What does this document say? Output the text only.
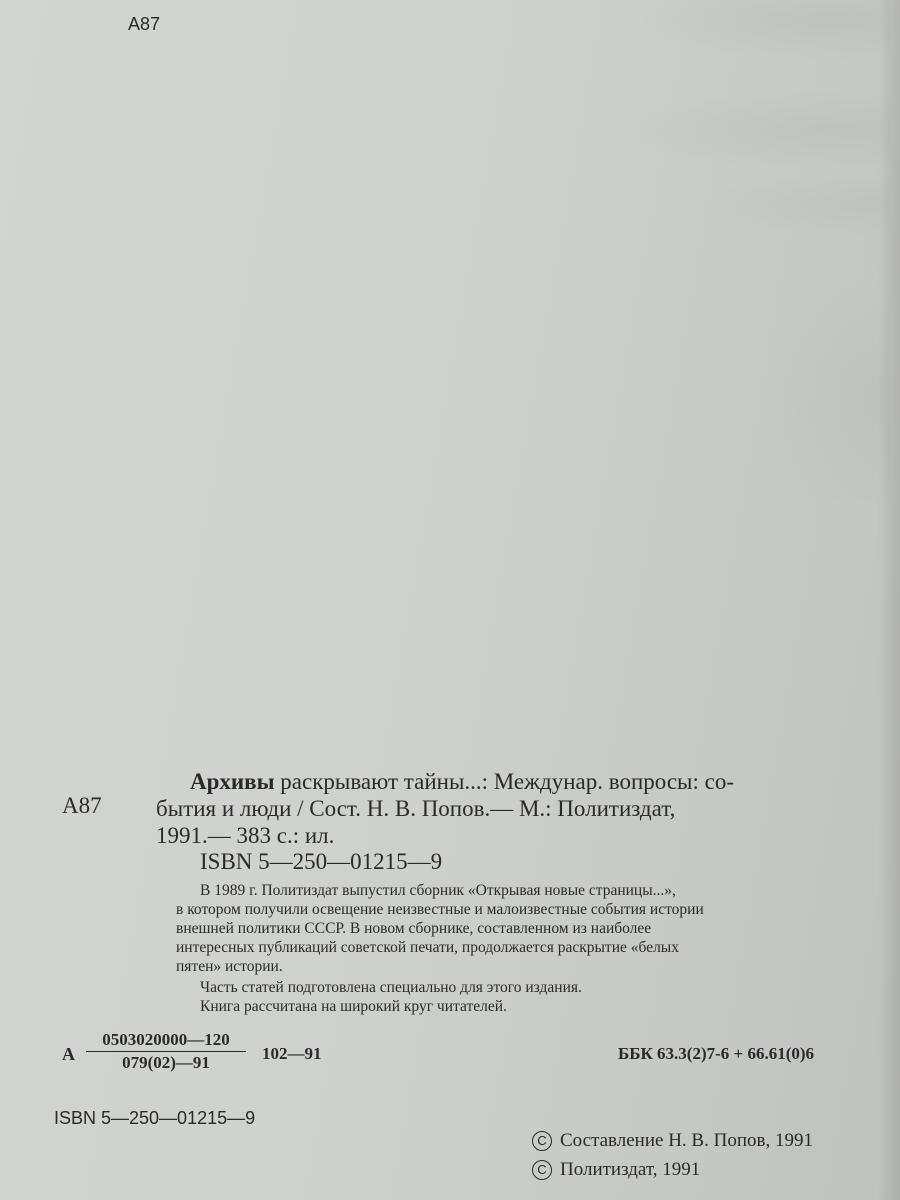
A87
A87
Архивы раскрывают тайны...: Междунар. вопросы: со-
бытия и люди / Сост. Н. В. Попов.— М.: Политиздат,
1991.— 383 с.: ил.
ISBN 5—250—01215—9
В 1989 г. Политиздат выпустил сборник «Открывая новые страницы...»,
в котором получили освещение неизвестные и малоизвестные события истории
внешней политики СССР. В новом сборнике, составленном из наиболее
интересных публикаций советской печати, продолжается раскрытие «белых
пятен» истории.
Часть статей подготовлена специально для этого издания.
Книга рассчитана на широкий круг читателей.
А $\frac{0503020000—120}{079(02)—91}$ 102—91	ББК 63.3(2)7-6 + 66.61(0)6
ISBN 5—250—01215—9
C Составление Н. В. Попов, 1991
C Политиздат, 1991
